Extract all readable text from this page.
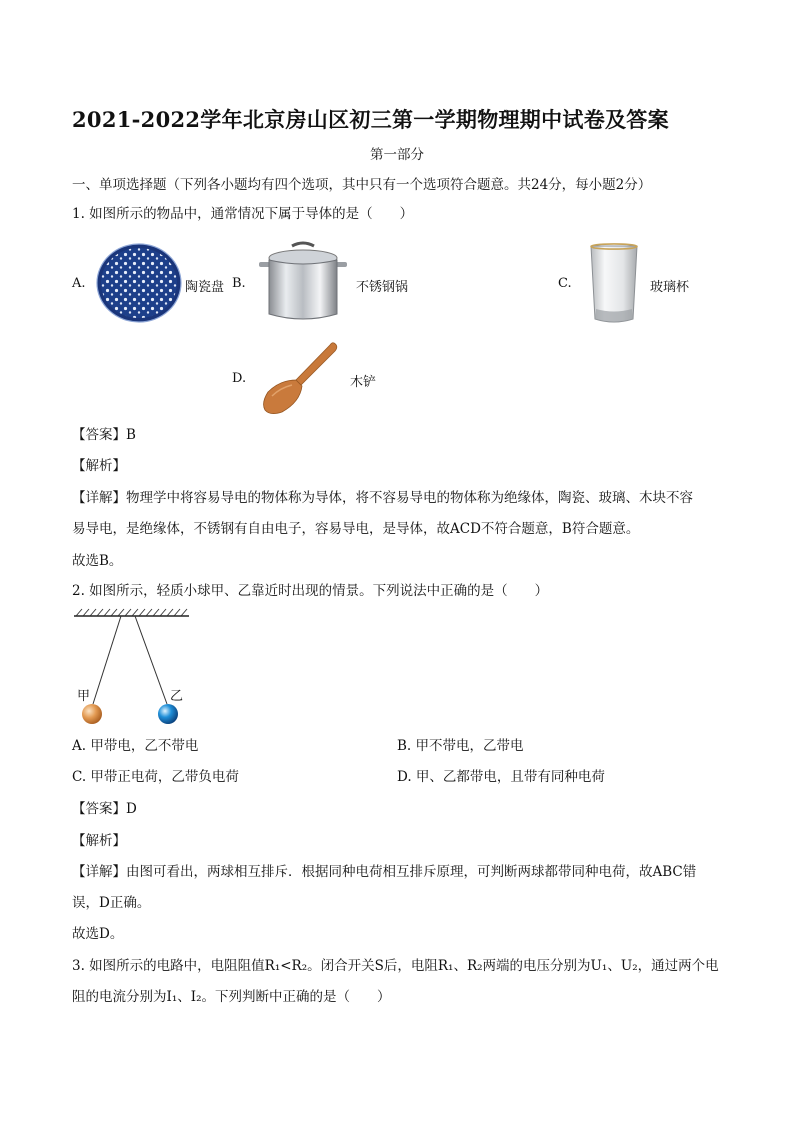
2021-2022学年北京房山区初三第一学期物理期中试卷及答案
第一部分
一、单项选择题（下列各小题均有四个选项，其中只有一个选项符合题意。共24分，每小题2分）
1. 如图所示的物品中，通常情况下属于导体的是（　　）
A.	陶瓷盘 B.	不锈钢锅	C.	玻璃杯
D.	木铲
【答案】B
【解析】
【详解】物理学中将容易导电的物体称为导体，将不容易导电的物体称为绝缘体，陶瓷、玻璃、木块不容
易导电，是绝缘体，不锈钢有自由电子，容易导电，是导体，故ACD不符合题意，B符合题意。
故选B。
2. 如图所示，轻质小球甲、乙靠近时出现的情景。下列说法中正确的是（　　）
甲	乙
A. 甲带电，乙不带电	B. 甲不带电，乙带电
C. 甲带正电荷，乙带负电荷	D. 甲、乙都带电，且带有同种电荷
【答案】D
【解析】
【详解】由图可看出，两球相互排斥．根据同种电荷相互排斥原理，可判断两球都带同种电荷，故ABC错
误，D正确。
故选D。
3. 如图所示的电路中，电阻阻值R₁<R₂。闭合开关S后，电阻R₁、R₂两端的电压分别为U₁、U₂，通过两个电
阻的电流分别为I₁、I₂。下列判断中正确的是（　　）
